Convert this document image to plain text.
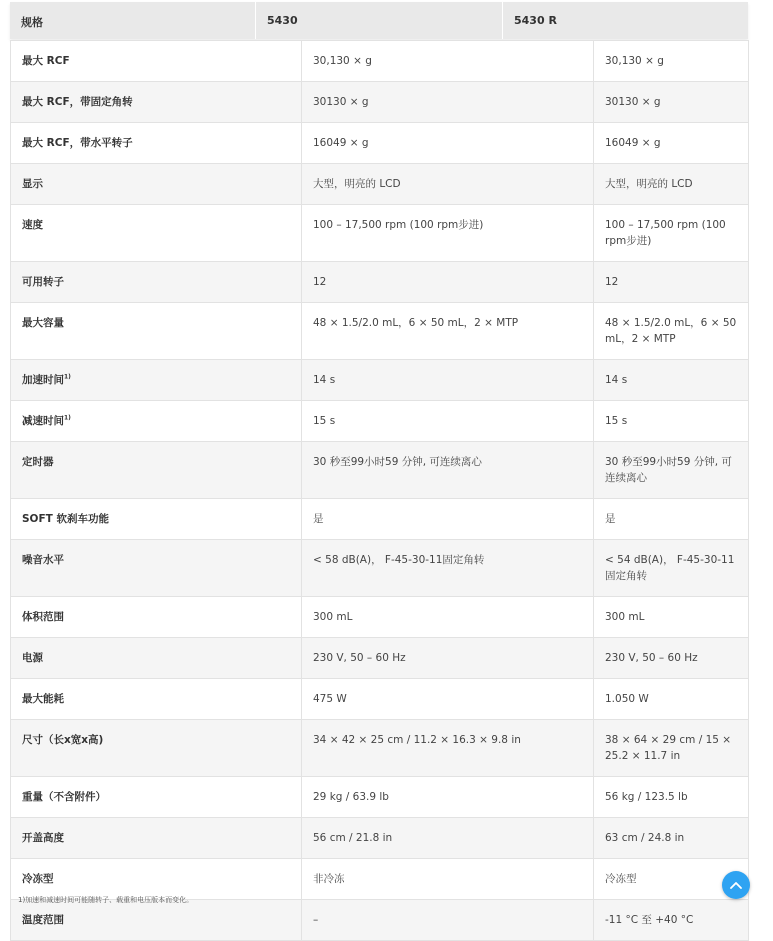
规格	5430	5430 R
最大 RCF	30,130 × g	30,130 × g
最大 RCF，带固定角转	30130 × g	30130 × g
最大 RCF，带水平转子	16049 × g	16049 × g
显示	大型，明亮的 LCD	大型，明亮的 LCD
速度	100 – 17,500 rpm (100 rpm步进)	100 – 17,500 rpm (100 rpm步进)
可用转子	12	12
最大容量	48 × 1.5/2.0 mL，6 × 50 mL，2 × MTP	48 × 1.5/2.0 mL，6 × 50 mL，2 × MTP
加速时间$^{1)}$	14 s	14 s
减速时间$^{1)}$	15 s	15 s
定时器	30 秒至99小时59 分钟, 可连续离心	30 秒至99小时59 分钟, 可连续离心
SOFT 软刹车功能	是	是
噪音水平	< 58 dB(A)， F-45-30-11固定角转	< 54 dB(A)， F-45-30-11固定角转
体积范围	300 mL	300 mL
电源	230 V, 50 – 60 Hz	230 V, 50 – 60 Hz
最大能耗	475 W	1.050 W
尺寸（长x宽x高)	34 × 42 × 25 cm / 11.2 × 16.3 × 9.8 in	38 × 64 × 29 cm / 15 × 25.2 × 11.7 in
重量（不含附件）	29 kg / 63.9 lb	56 kg / 123.5 lb
开盖高度	56 cm / 21.8 in	63 cm / 24.8 in
冷冻型	非冷冻	冷冻型
温度范围	–	-11 °C 至 +40 °C
1)加速和减速时间可能随转子、载重和电压版本而变化。
